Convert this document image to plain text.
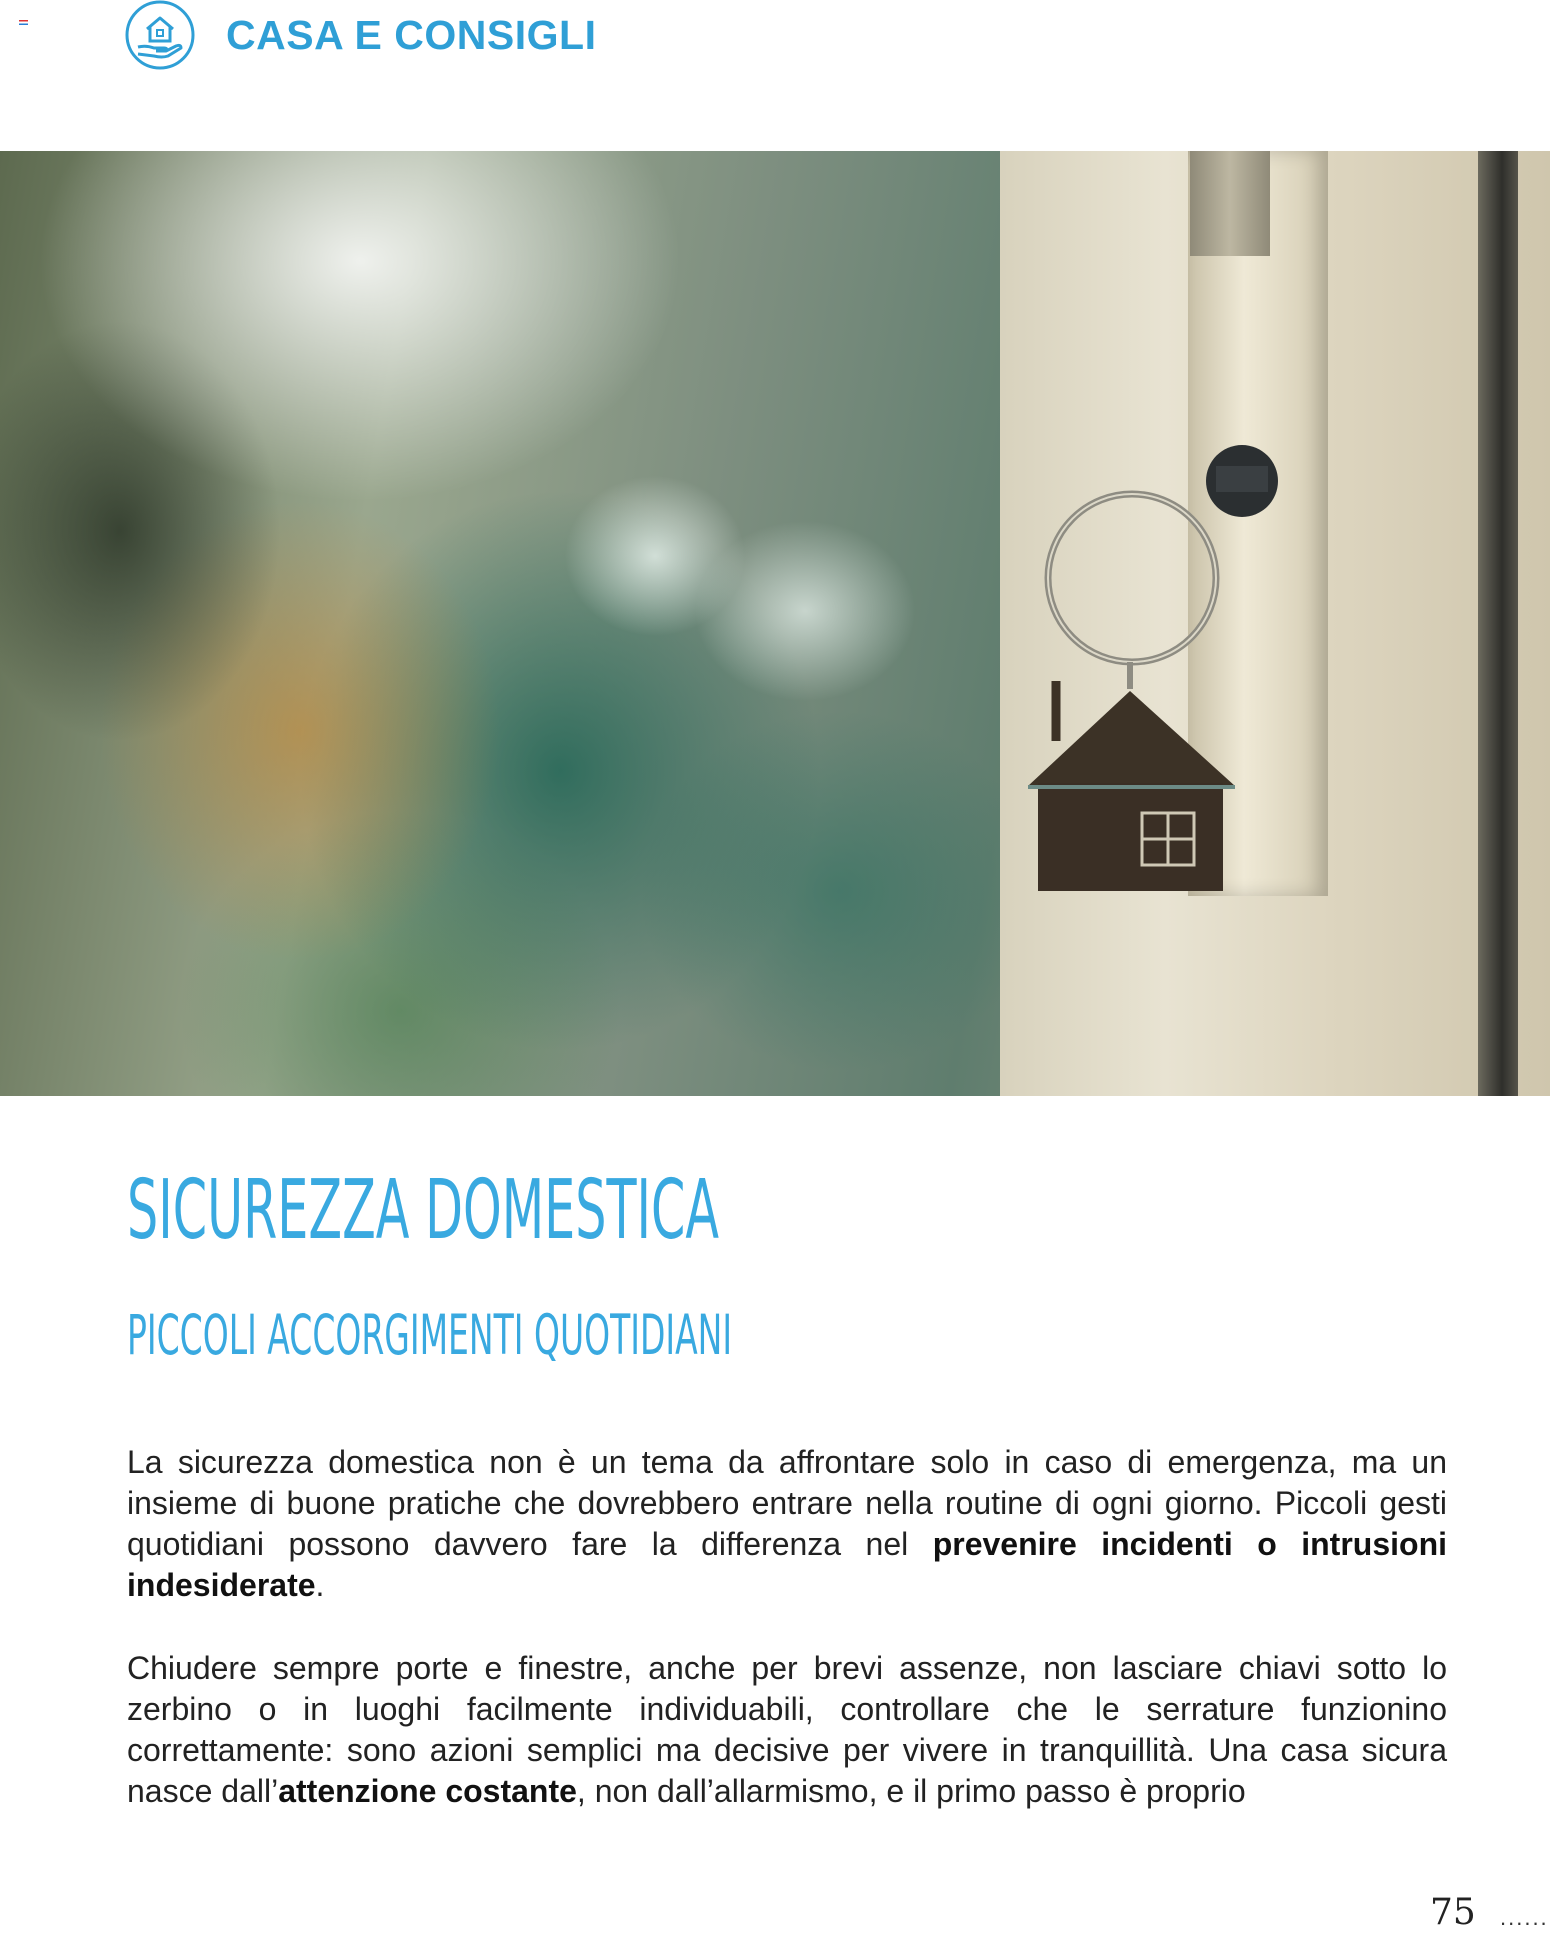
CASA E CONSIGLI
SICUREZZA DOMESTICA
PICCOLI ACCORGIMENTI QUOTIDIANI

La sicurezza domestica non è un tema da affrontare solo in caso di emergenza, ma un insieme di buone pratiche che dovrebbero entrare nella routine di ogni giorno. Piccoli gesti quotidiani possono davvero fare la differenza nel prevenire incidenti o intrusioni indesiderate.

Chiudere sempre porte e finestre, anche per brevi assenze, non lasciare chiavi sotto lo zerbino o in luoghi facilmente individuabili, controllare che le serrature funzionino correttamente: sono azioni semplici ma decisive per vivere in tranquillità. Una casa sicura nasce dall’attenzione costante, non dall’allarmismo, e il primo passo è proprio

75 ......
